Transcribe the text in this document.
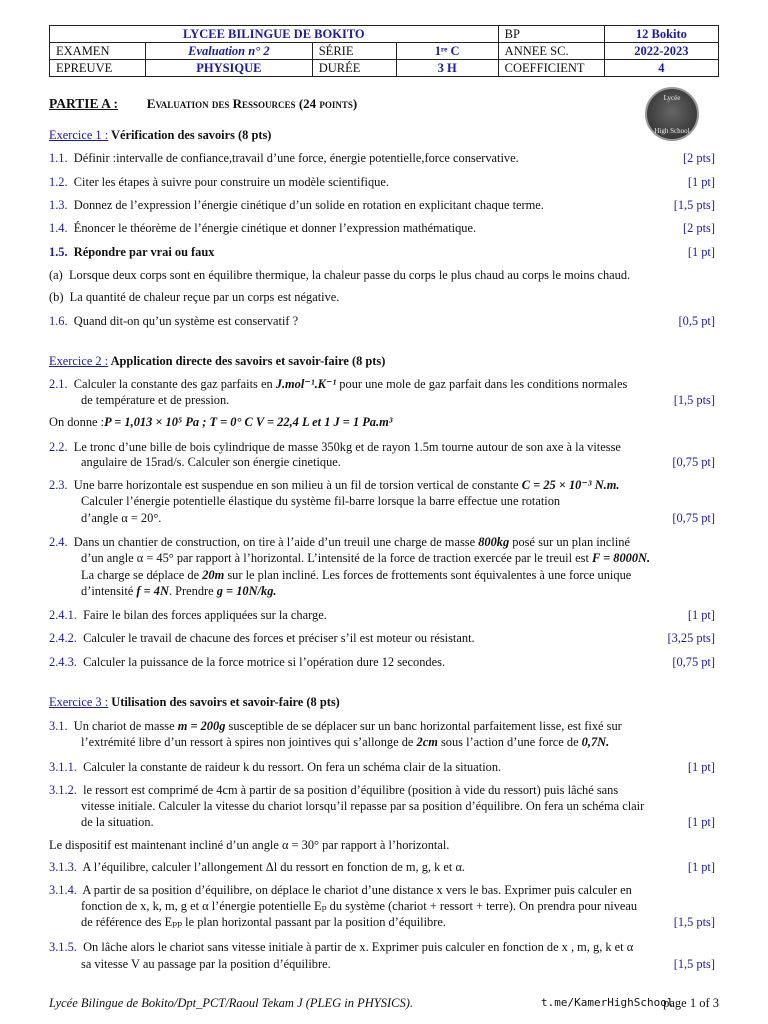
LYCEE BILINGUE DE BOKITO				BP	12 Bokito
EXAMEN	Evaluation n° 2	SÉRIE	1ʳᵉ C	ANNEE SC.	2022-2023
EPREUVE	PHYSIQUE	DURÉE	3 H	COEFFICIENT	4
Lycée
High School
PARTIE A : Evaluation des Ressources (24 points)
Exercice 1 : Vérification des savoirs (8 pts)
1.1. Définir :intervalle de confiance,travail d’une force, énergie potentielle,force conservative.	[2 pts]
1.2. Citer les étapes à suivre pour construire un modèle scientifique.	[1 pt]
1.3. Donnez de l’expression l’énergie cinétique d’un solide en rotation en explicitant chaque terme.	[1,5 pts]
1.4. Énoncer le théorème de l’énergie cinétique et donner l’expression mathématique.	[2 pts]
1.5. Répondre par vrai ou faux	[1 pt]
(a) Lorsque deux corps sont en équilibre thermique, la chaleur passe du corps le plus chaud au corps le moins chaud.
(b) La quantité de chaleur reçue par un corps est négative.
1.6. Quand dit-on qu’un système est conservatif ?	[0,5 pt]
Exercice 2 : Application directe des savoirs et savoir-faire (8 pts)
2.1. Calculer la constante des gaz parfaits en J.mol⁻¹.K⁻¹ pour une mole de gaz parfait dans les conditions normales
de température et de pression.	[1,5 pts]
On donne :P = 1,013 × 10⁵ Pa ; T = 0° C V = 22,4 L et 1 J = 1 Pa.m³
2.2. Le tronc d’une bille de bois cylindrique de masse 350kg et de rayon 1.5m tourne autour de son axe à la vitesse
angulaire de 15rad/s. Calculer son énergie cinetique.	[0,75 pt]
2.3. Une barre horizontale est suspendue en son milieu à un fil de torsion vertical de constante C = 25 × 10⁻³ N.m.
Calculer l’énergie potentielle élastique du système fil-barre lorsque la barre effectue une rotation
d’angle α = 20°.	[0,75 pt]
2.4. Dans un chantier de construction, on tire à l’aide d’un treuil une charge de masse 800kg posé sur un plan incliné
d’un angle α = 45° par rapport à l’horizontal. L’intensité de la force de traction exercée par le treuil est F = 8000N.
La charge se déplace de 20m sur le plan incliné. Les forces de frottements sont équivalentes à une force unique
d’intensité f = 4N. Prendre g = 10N/kg.
2.4.1. Faire le bilan des forces appliquées sur la charge.	[1 pt]
2.4.2. Calculer le travail de chacune des forces et préciser s’il est moteur ou résistant.	[3,25 pts]
2.4.3. Calculer la puissance de la force motrice si l’opération dure 12 secondes.	[0,75 pt]
Exercice 3 : Utilisation des savoirs et savoir-faire (8 pts)
3.1. Un chariot de masse m = 200g susceptible de se déplacer sur un banc horizontal parfaitement lisse, est fixé sur
l’extrémité libre d’un ressort à spires non jointives qui s’allonge de 2cm sous l’action d’une force de 0,7N.
3.1.1. Calculer la constante de raideur k du ressort. On fera un schéma clair de la situation.	[1 pt]
3.1.2. le ressort est comprimé de 4cm à partir de sa position d’équilibre (position à vide du ressort) puis lâché sans
vitesse initiale. Calculer la vitesse du chariot lorsqu’il repasse par sa position d’équilibre. On fera un schéma clair
de la situation.	[1 pt]
Le dispositif est maintenant incliné d’un angle α = 30° par rapport à l’horizontal.
3.1.3. A l’équilibre, calculer l’allongement Δl du ressort en fonction de m, g, k et α.	[1 pt]
3.1.4. A partir de sa position d’équilibre, on déplace le chariot d’une distance x vers le bas. Exprimer puis calculer en
fonction de x, k, m, g et α l’énergie potentielle Eₚ du système (chariot + ressort + terre). On prendra pour niveau
de référence des Eₚₚ le plan horizontal passant par la position d’équilibre.	[1,5 pts]
3.1.5. On lâche alors le chariot sans vitesse initiale à partir de x. Exprimer puis calculer en fonction de x , m, g, k et α
sa vitesse V au passage par la position d’équilibre.	[1,5 pts]
Lycée Bilingue de Bokito/Dpt_PCT/Raoul Tekam J (PLEG in PHYSICS).	t.me/KamerHighSchool
page 1 of 3
